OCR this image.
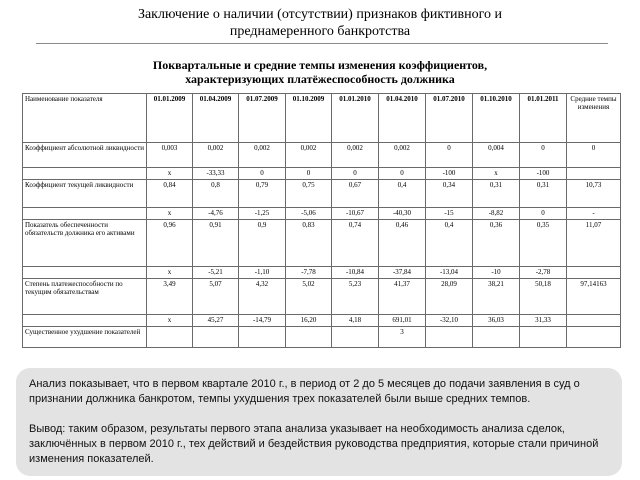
Заключение о наличии (отсутствии) признаков фиктивного и
преднамеренного банкротства
Поквартальные и средние темпы изменения коэффициентов,
характеризующих платёжеспособность должника
Наименование показателя	01.01.2009	01.04.2009	01.07.2009	01.10.2009	01.01.2010	01.04.2010	01.07.2010	01.10.2010	01.01.2011	Средние темпы изменения
Коэффициент абсолютной ликвидности	0,003	0,002	0,002	0,002	0,002	0,002	0	0,004	0	0
	x	-33,33	0	0	0	0	-100	x	-100	
Коэффициент текущей ликвидности	0,84	0,8	0,79	0,75	0,67	0,4	0,34	0,31	0,31	10,73
	x	-4,76	-1,25	-5,06	-10,67	-40,30	-15	-8,82	0	-
Показатель обеспеченности обязательств должника его активами	0,96	0,91	0,9	0,83	0,74	0,46	0,4	0,36	0,35	11,07
	x	-5,21	-1,10	-7,78	-10,84	-37,84	-13,04	-10	-2,78	
Степень платежеспособности по текущим обязательствам	3,49	5,07	4,32	5,02	5,23	41,37	28,09	38,21	50,18	97,14163
	x	45,27	-14,79	16,20	4,18	691,01	-32,10	36,03	31,33	
Существенное ухудшение показателей						3				

Анализ показывает, что в первом квартале 2010 г., в период от 2 до 5 месяцев до подачи заявления в суд о признании должника банкротом, темпы ухудшения трех показателей были выше средних темпов.

Вывод: таким образом, результаты первого этапа анализа указывает на необходимость анализа сделок, заключённых в первом 2010 г., тех действий и бездействия руководства предприятия, которые стали причиной изменения показателей.
